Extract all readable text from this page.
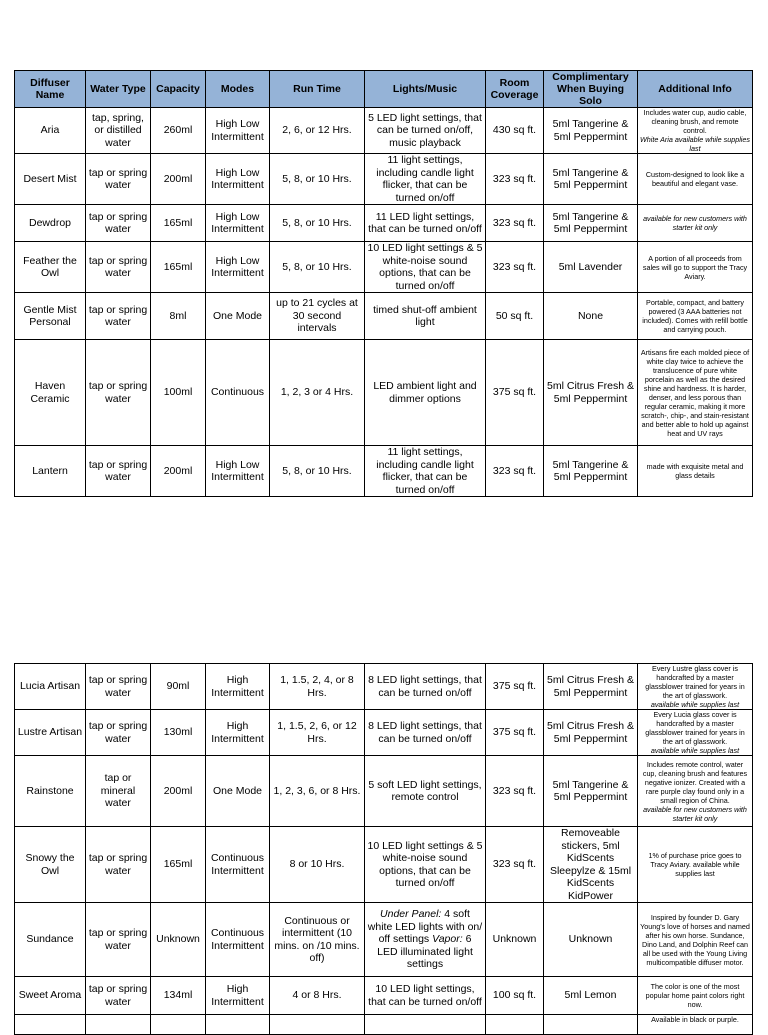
Diffuser Name	Water Type	Capacity	Modes	Run Time	Lights/Music	Room Coverage	Complimentary When Buying Solo	Additional Info
Aria	tap, spring, or distilled water	260ml	High Low Intermittent	2, 6, or 12 Hrs.	5 LED light settings, that can be turned on/off, music playback	430 sq ft.	5ml Tangerine & 5ml Peppermint	Includes water cup, audio cable, cleaning brush, and remote control.
White Aria available while supplies last
Desert Mist	tap or spring water	200ml	High Low Intermittent	5, 8, or 10 Hrs.	11 light settings, including candle light flicker, that can be turned on/off	323 sq ft.	5ml Tangerine & 5ml Peppermint	Custom-designed to look like a beautiful and elegant vase.
Dewdrop	tap or spring water	165ml	High Low Intermittent	5, 8, or 10 Hrs.	11 LED light settings, that can be turned on/off	323 sq ft.	5ml Tangerine & 5ml Peppermint	available for new customers with starter kit only
Feather the Owl	tap or spring water	165ml	High Low Intermittent	5, 8, or 10 Hrs.	10 LED light settings & 5 white-noise sound options, that can be turned on/off	323 sq ft.	5ml Lavender	A portion of all proceeds from sales will go to support the Tracy Aviary.
Gentle Mist Personal	tap or spring water	8ml	One Mode	up to 21 cycles at 30 second intervals	timed shut-off ambient light	50 sq ft.	None	Portable, compact, and battery powered (3 AAA batteries not included). Comes with refill bottle and carrying pouch.
Haven Ceramic	tap or spring water	100ml	Continuous	1, 2, 3 or 4 Hrs.	LED ambient light and dimmer options	375 sq ft.	5ml Citrus Fresh & 5ml Peppermint	Artisans fire each molded piece of white clay twice to achieve the translucence of pure white porcelain as well as the desired shine and hardness. It is harder, denser, and less porous than regular ceramic, making it more scratch-, chip-, and stain-resistant and better able to hold up against heat and UV rays
Lantern	tap or spring water	200ml	High Low Intermittent	5, 8, or 10 Hrs.	11 light settings, including candle light flicker, that can be turned on/off	323 sq ft.	5ml Tangerine & 5ml Peppermint	made with exquisite metal and glass details
Lucia Artisan	tap or spring water	90ml	High Intermittent	1, 1.5, 2, 4, or 8 Hrs.	8 LED light settings, that can be turned on/off	375 sq ft.	5ml Citrus Fresh & 5ml Peppermint	Every Lustre glass cover is handcrafted by a master glassblower trained for years in the art of glasswork.
available while supplies last
Lustre Artisan	tap or spring water	130ml	High Intermittent	1, 1.5, 2, 6, or 12 Hrs.	8 LED light settings, that can be turned on/off	375 sq ft.	5ml Citrus Fresh & 5ml Peppermint	Every Lucia glass cover is handcrafted by a master glassblower trained for years in the art of glasswork.
available while supplies last
Rainstone	tap or mineral water	200ml	One Mode	1, 2, 3, 6, or 8 Hrs.	5 soft LED light settings, remote control	323 sq ft.	5ml Tangerine & 5ml Peppermint	Includes remote control, water cup, cleaning brush and features negative ionizer. Created with a rare purple clay found only in a small region of China.
available for new customers with starter kit only
Snowy the Owl	tap or spring water	165ml	Continuous Intermittent	8 or 10 Hrs.	10 LED light settings & 5 white-noise sound options, that can be turned on/off	323 sq ft.	Removeable stickers, 5ml KidScents Sleepylze & 15ml KidScents KidPower	1% of purchase price goes to Tracy Aviary. available while supplies last
Sundance	tap or spring water	Unknown	Continuous Intermittent	Continuous or intermittent (10 mins. on /10 mins. off)	Under Panel: 4 soft white LED lights with on/ off settings Vapor: 6 LED illuminated light settings	Unknown	Unknown	Inspired by founder D. Gary Young's love of horses and named after his own horse. Sundance, Dino Land, and Dolphin Reef can all be used with the Young Living multicompatible diffuser motor.
Sweet Aroma	tap or spring water	134ml	High Intermittent	4 or 8 Hrs.	10 LED light settings, that can be turned on/off	100 sq ft.	5ml Lemon	The color is one of the most popular home paint colors right now.
								Available in black or purple.
